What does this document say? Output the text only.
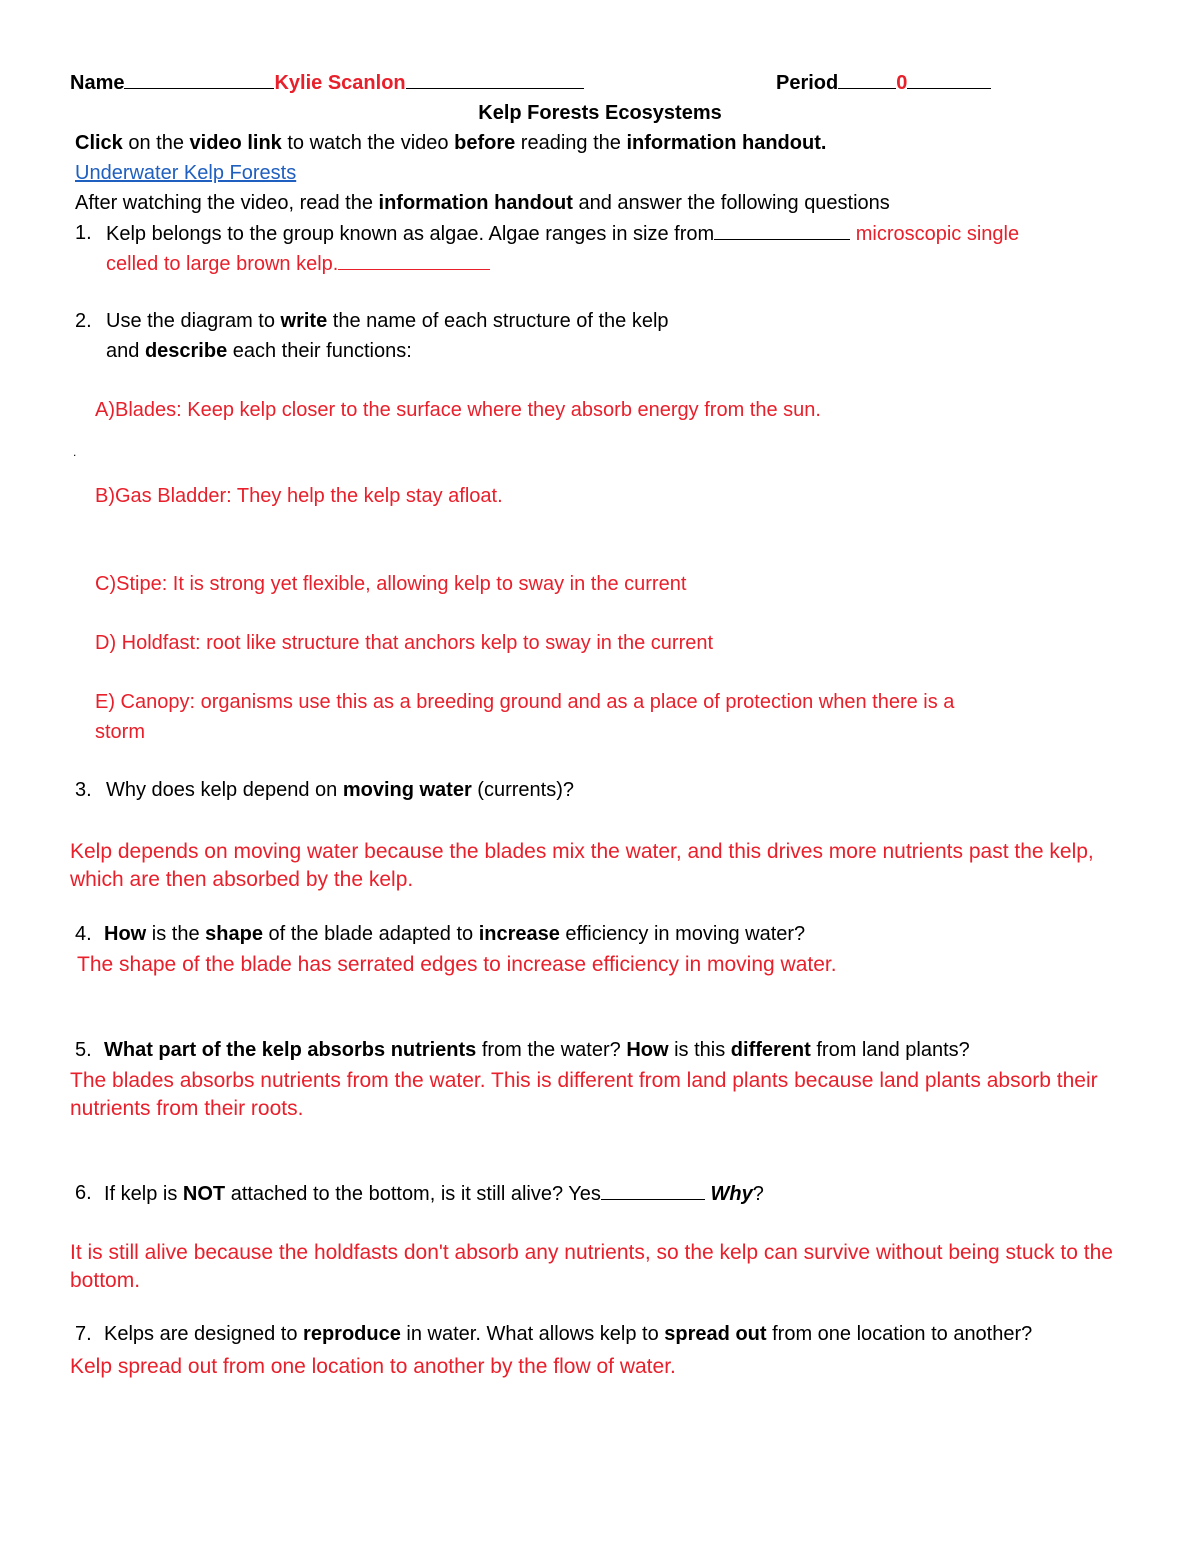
Name	Kylie Scanlon	Period	0
Kelp Forests Ecosystems
Click on the video link to watch the video before reading the information handout.
Underwater Kelp Forests
After watching the video, read the information handout and answer the following questions
1. Kelp belongs to the group known as algae. Algae ranges in size from	microscopic single
celled to large brown kelp.
2. Use the diagram to write the name of each structure of the kelp
and describe each their functions:
A)Blades: Keep kelp closer to the surface where they absorb energy from the sun.
.
B)Gas Bladder: They help the kelp stay afloat.
C)Stipe: It is strong yet flexible, allowing kelp to sway in the current
D) Holdfast: root like structure that anchors kelp to sway in the current
E) Canopy: organisms use this as a breeding ground and as a place of protection when there is a
storm
3. Why does kelp depend on moving water (currents)?
Kelp depends on moving water because the blades mix the water, and this drives more nutrients past the kelp, which are then absorbed by the kelp.
4. How is the shape of the blade adapted to increase efficiency in moving water?
The shape of the blade has serrated edges to increase efficiency in moving water.
5. What part of the kelp absorbs nutrients from the water? How is this different from land plants?
The blades absorbs nutrients from the water. This is different from land plants because land plants absorb their nutrients from their roots.
6. If kelp is NOT attached to the bottom, is it still alive? Yes	Why?
It is still alive because the holdfasts don't absorb any nutrients, so the kelp can survive without being stuck to the bottom.
7. Kelps are designed to reproduce in water. What allows kelp to spread out from one location to another?
Kelp spread out from one location to another by the flow of water.
